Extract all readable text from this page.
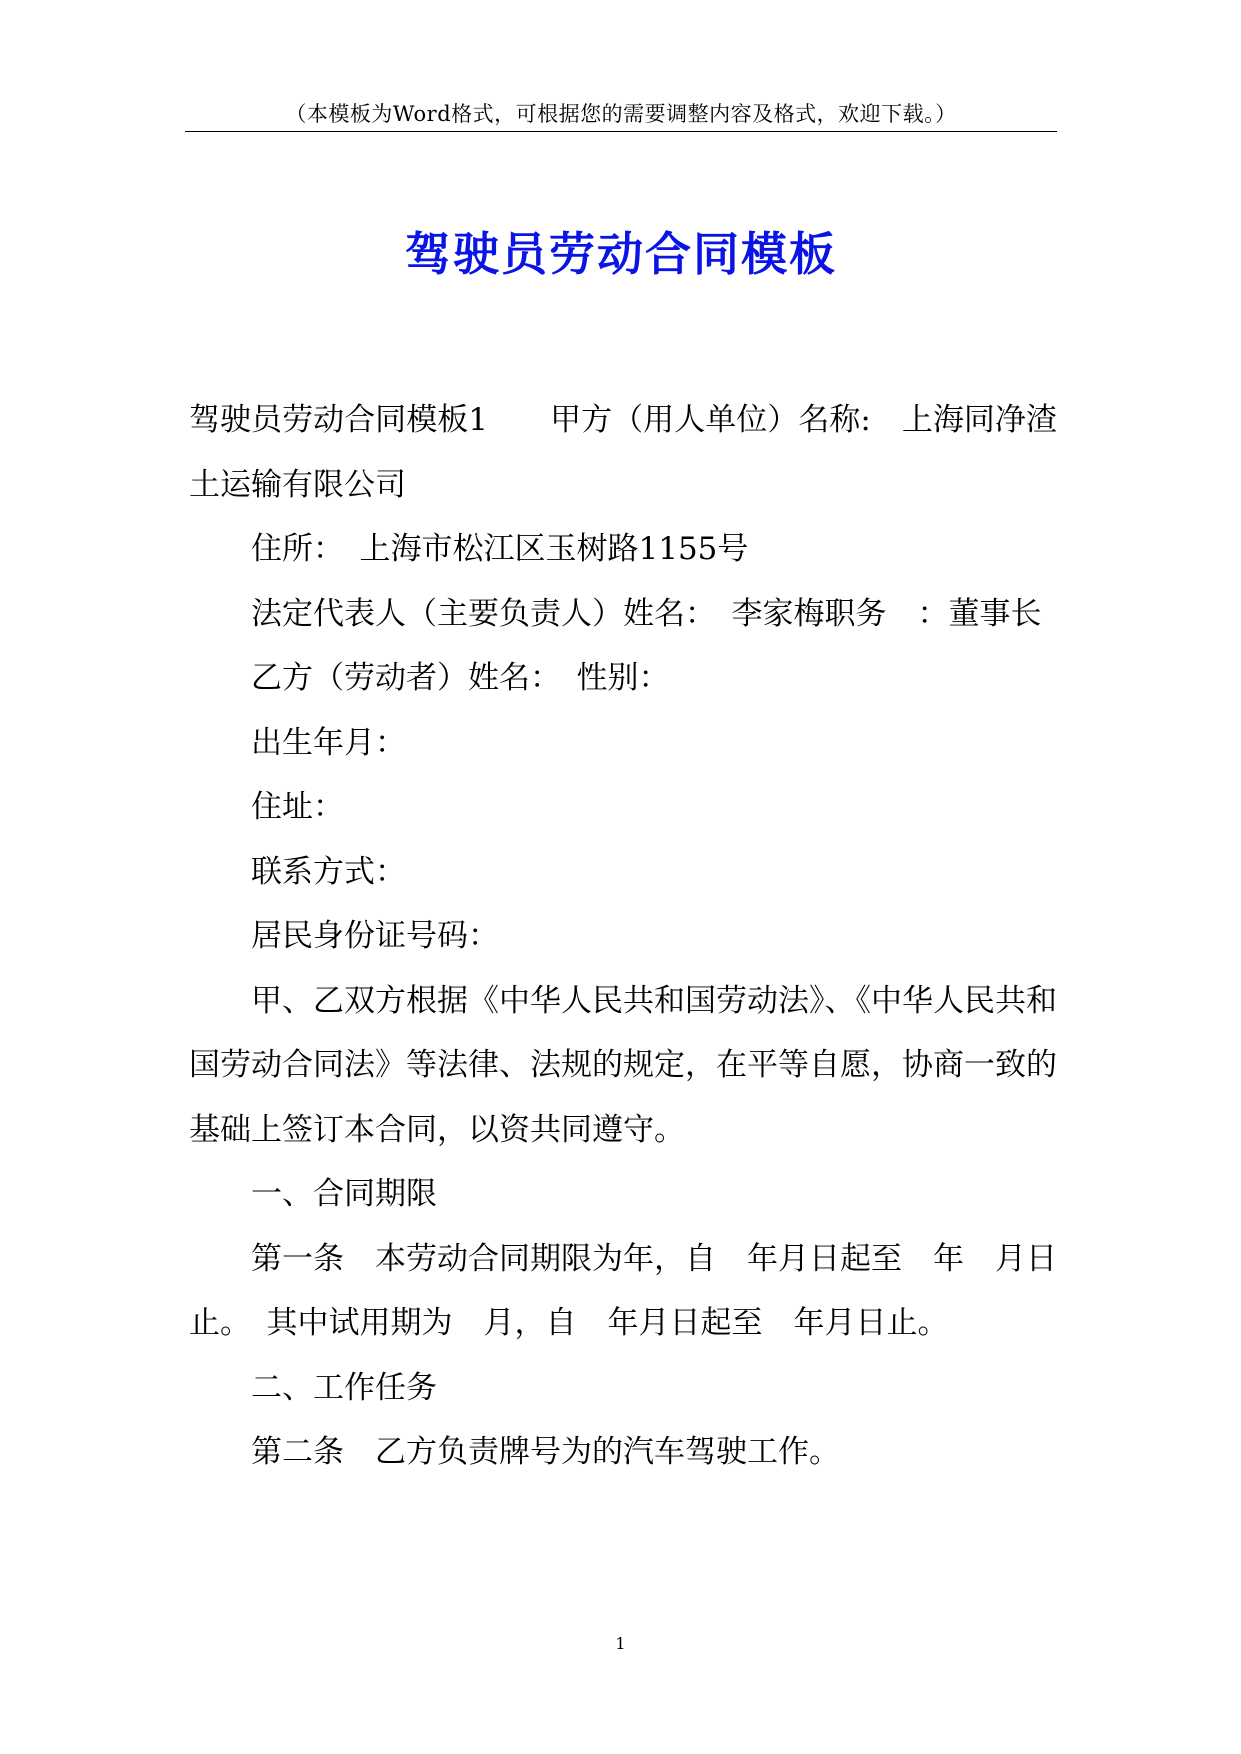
（本模板为Word格式，可根据您的需要调整内容及格式，欢迎下载。）
驾驶员劳动合同模板

驾驶员劳动合同模板1　　甲方（用人单位）名称:　上海同净渣土运输有限公司

住所：　上海市松江区玉树路1155号

法定代表人（主要负责人）姓名：　李家梅职务　：董事长

乙方（劳动者）姓名：　性别：

出生年月：

住址：

联系方式：

居民身份证号码：

甲、乙双方根据《中华人民共和国劳动法》、《中华人民共和国劳动合同法》等法律、法规的规定，在平等自愿，协商一致的基础上签订本合同，以资共同遵守。

一、合同期限

第一条　本劳动合同期限为年，自　年月日起至　年　月日止。　其中试用期为　月，自　年月日起至　年月日止。

二、工作任务

第二条　乙方负责牌号为的汽车驾驶工作。

1
